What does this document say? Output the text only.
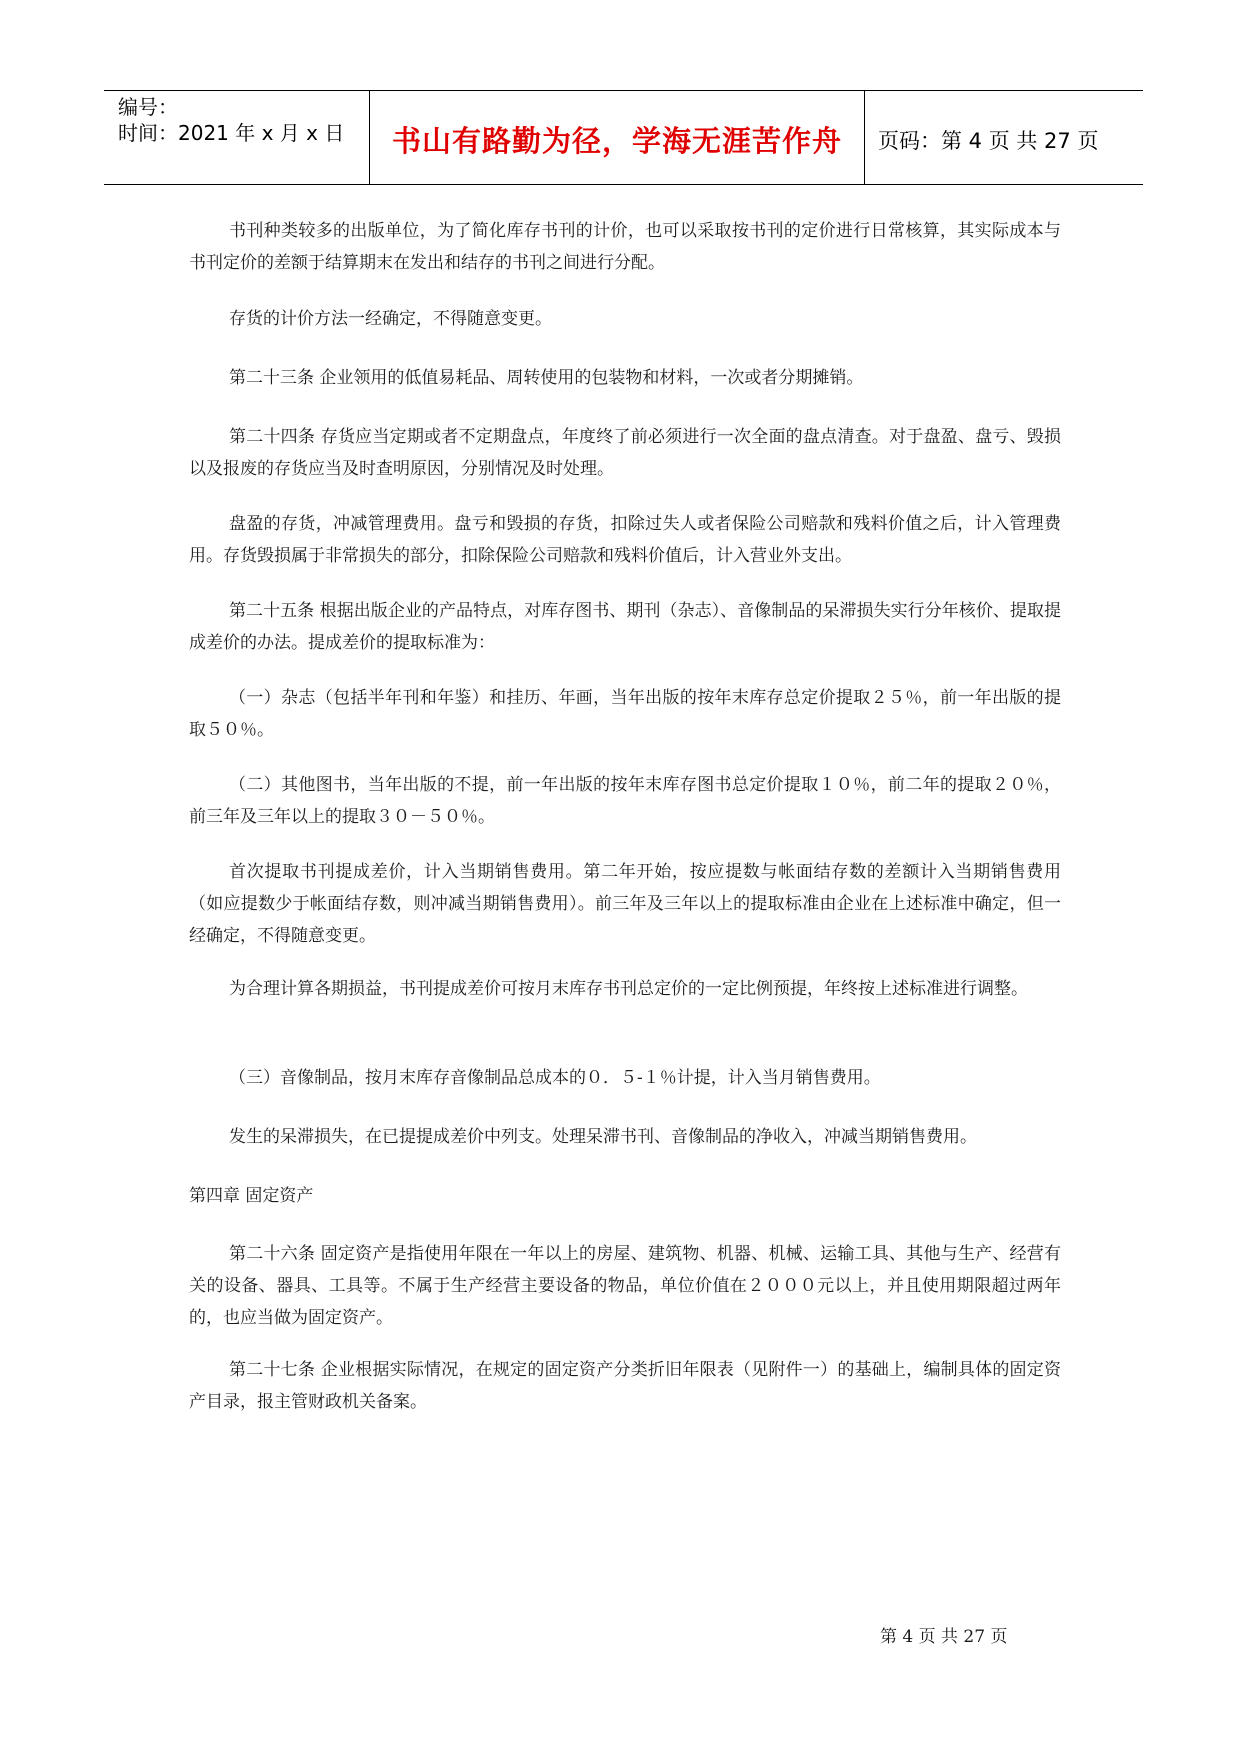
编号：
时间：2021 年 x 月 x 日	书山有路勤为径，学海无涯苦作舟	页码：第 4 页 共 27 页

书刊种类较多的出版单位，为了简化库存书刊的计价，也可以采取按书刊的定价进行日常核算，其实际成本与书刊定价的差额于结算期末在发出和结存的书刊之间进行分配。

存货的计价方法一经确定，不得随意变更。

第二十三条 企业领用的低值易耗品、周转使用的包装物和材料，一次或者分期摊销。

第二十四条 存货应当定期或者不定期盘点，年度终了前必须进行一次全面的盘点清查。对于盘盈、盘亏、毁损以及报废的存货应当及时查明原因，分别情况及时处理。

盘盈的存货，冲减管理费用。盘亏和毁损的存货，扣除过失人或者保险公司赔款和残料价值之后，计入管理费用。存货毁损属于非常损失的部分，扣除保险公司赔款和残料价值后，计入营业外支出。

第二十五条 根据出版企业的产品特点，对库存图书、期刊（杂志）、音像制品的呆滞损失实行分年核价、提取提成差价的办法。提成差价的提取标准为：

（一）杂志（包括半年刊和年鉴）和挂历、年画，当年出版的按年末库存总定价提取２５％，前一年出版的提取５０％。

（二）其他图书，当年出版的不提，前一年出版的按年末库存图书总定价提取１０％，前二年的提取２０％，前三年及三年以上的提取３０－５０％。

首次提取书刊提成差价，计入当期销售费用。第二年开始，按应提数与帐面结存数的差额计入当期销售费用（如应提数少于帐面结存数，则冲减当期销售费用）。前三年及三年以上的提取标准由企业在上述标准中确定，但一经确定，不得随意变更。

为合理计算各期损益，书刊提成差价可按月末库存书刊总定价的一定比例预提，年终按上述标准进行调整。

（三）音像制品，按月末库存音像制品总成本的０．５-１％计提，计入当月销售费用。

发生的呆滞损失，在已提提成差价中列支。处理呆滞书刊、音像制品的净收入，冲减当期销售费用。

第四章 固定资产

第二十六条 固定资产是指使用年限在一年以上的房屋、建筑物、机器、机械、运输工具、其他与生产、经营有关的设备、器具、工具等。不属于生产经营主要设备的物品，单位价值在２０００元以上，并且使用期限超过两年的，也应当做为固定资产。

第二十七条 企业根据实际情况，在规定的固定资产分类折旧年限表（见附件一）的基础上，编制具体的固定资产目录，报主管财政机关备案。

第 4 页 共 27 页
